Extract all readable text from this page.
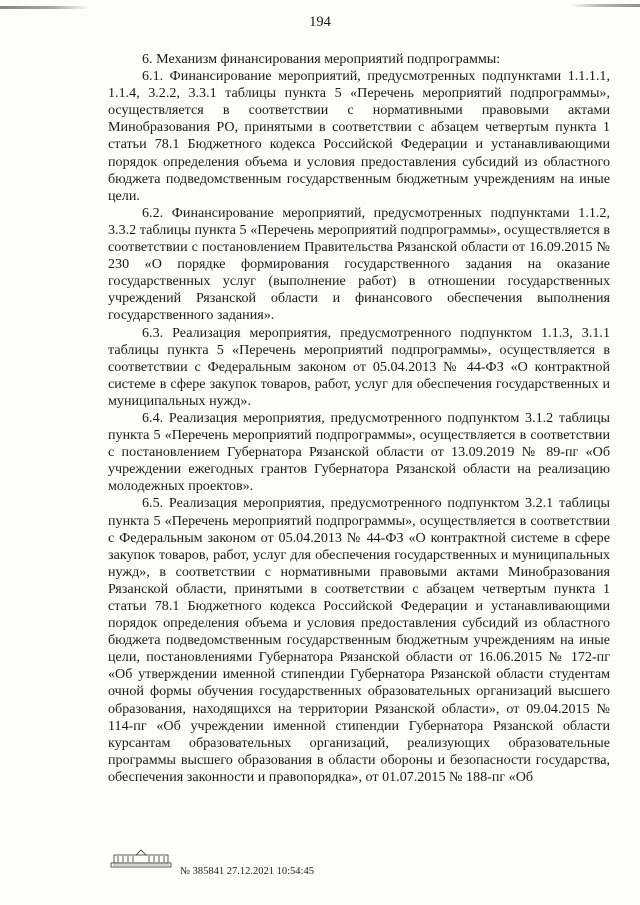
194

6. Механизм финансирования мероприятий подпрограммы:

6.1. Финансирование мероприятий, предусмотренных подпунктами 1.1.1.1, 1.1.4, 3.2.2, 3.3.1 таблицы пункта 5 «Перечень мероприятий подпрограммы», осуществляется в соответствии с нормативными правовыми актами Минобразования РО, принятыми в соответствии с абзацем четвертым пункта 1 статьи 78.1 Бюджетного кодекса Российской Федерации и устанавливающими порядок определения объема и условия предоставления субсидий из областного бюджета подведомственным государственным бюджетным учреждениям на иные цели.

6.2. Финансирование мероприятий, предусмотренных подпунктами 1.1.2, 3.3.2 таблицы пункта 5 «Перечень мероприятий подпрограммы», осуществляется в соответствии с постановлением Правительства Рязанской области от 16.09.2015 № 230 «О порядке формирования государственного задания на оказание государственных услуг (выполнение работ) в отношении государственных учреждений Рязанской области и финансового обеспечения выполнения государственного задания».

6.3. Реализация мероприятия, предусмотренного подпунктом 1.1.3, 3.1.1 таблицы пункта 5 «Перечень мероприятий подпрограммы», осуществляется в соответствии с Федеральным законом от 05.04.2013 № 44-ФЗ «О контрактной системе в сфере закупок товаров, работ, услуг для обеспечения государственных и муниципальных нужд».

6.4. Реализация мероприятия, предусмотренного подпунктом 3.1.2 таблицы пункта 5 «Перечень мероприятий подпрограммы», осуществляется в соответствии с постановлением Губернатора Рязанской области от 13.09.2019 № 89-пг «Об учреждении ежегодных грантов Губернатора Рязанской области на реализацию молодежных проектов».

6.5. Реализация мероприятия, предусмотренного подпунктом 3.2.1 таблицы пункта 5 «Перечень мероприятий подпрограммы», осуществляется в соответствии с Федеральным законом от 05.04.2013 № 44-ФЗ «О контрактной системе в сфере закупок товаров, работ, услуг для обеспечения государственных и муниципальных нужд», в соответствии с нормативными правовыми актами Минобразования Рязанской области, принятыми в соответствии с абзацем четвертым пункта 1 статьи 78.1 Бюджетного кодекса Российской Федерации и устанавливающими порядок определения объема и условия предоставления субсидий из областного бюджета подведомственным государственным бюджетным учреждениям на иные цели, постановлениями Губернатора Рязанской области от 16.06.2015 № 172-пг «Об утверждении именной стипендии Губернатора Рязанской области студентам очной формы обучения государственных образовательных организаций высшего образования, находящихся на территории Рязанской области», от 09.04.2015 № 114-пг «Об учреждении именной стипендии Губернатора Рязанской области курсантам образовательных организаций, реализующих образовательные программы высшего образования в области обороны и безопасности государства, обеспечения законности и правопорядка», от 01.07.2015 № 188-пг «Об

№ 385841 27.12.2021 10:54:45
